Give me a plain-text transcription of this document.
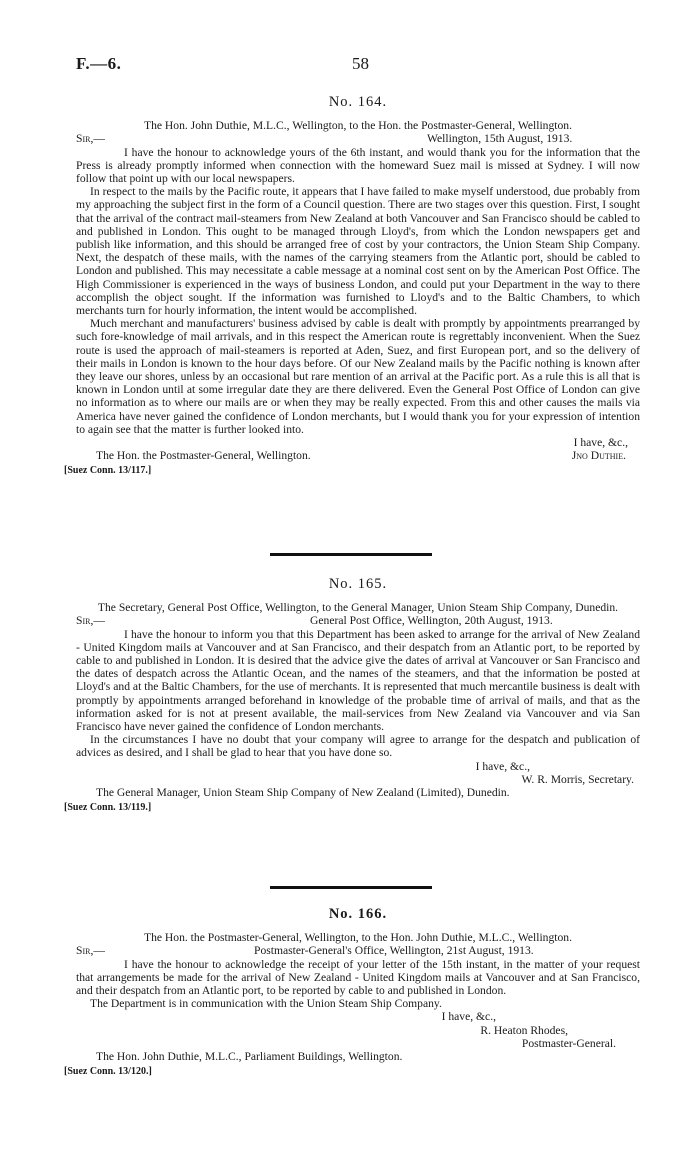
F.—6.	58
No. 164.
The Hon. John Duthie, M.L.C., Wellington, to the Hon. the Postmaster-General, Wellington.
Sir,—	Wellington, 15th August, 1913.

I have the honour to acknowledge yours of the 6th instant, and would thank you for the information that the Press is already promptly informed when connection with the homeward Suez mail is missed at Sydney. I will now follow that point up with our local newspapers.

In respect to the mails by the Pacific route, it appears that I have failed to make myself understood, due probably from my approaching the subject first in the form of a Council question. There are two stages over this question. First, I sought that the arrival of the contract mail-steamers from New Zealand at both Vancouver and San Francisco should be cabled to and published in London. This ought to be managed through Lloyd's, from which the London newspapers get and publish like information, and this should be arranged free of cost by your contractors, the Union Steam Ship Company. Next, the despatch of these mails, with the names of the carrying steamers from the Atlantic port, should be cabled to London and published. This may necessitate a cable message at a nominal cost sent on by the American Post Office. The High Commissioner is experienced in the ways of business London, and could put your Department in the way to there accomplish the object sought. If the information was furnished to Lloyd's and to the Baltic Chambers, to which merchants turn for hourly information, the intent would be accomplished.

Much merchant and manufacturers' business advised by cable is dealt with promptly by appointments prearranged by such fore-knowledge of mail arrivals, and in this respect the American route is regrettably inconvenient. When the Suez route is used the approach of mail-steamers is reported at Aden, Suez, and first European port, and so the delivery of their mails in London is known to the hour days before. Of our New Zealand mails by the Pacific nothing is known after they leave our shores, unless by an occasional but rare mention of an arrival at the Pacific port. As a rule this is all that is known in London until at some irregular date they are there delivered. Even the General Post Office of London can give no information as to where our mails are or when they may be really expected. From this and other causes the mails via America have never gained the confidence of London merchants, but I would thank you for your expression of intention to again see that the matter is further looked into.

I have, &c.,
The Hon. the Postmaster-General, Wellington.	Jno Duthie.
[Suez Conn. 13/117.]
No. 165.
The Secretary, General Post Office, Wellington, to the General Manager, Union Steam Ship Company, Dunedin.
Sir,—	General Post Office, Wellington, 20th August, 1913.

I have the honour to inform you that this Department has been asked to arrange for the arrival of New Zealand - United Kingdom mails at Vancouver and at San Francisco, and their despatch from an Atlantic port, to be reported by cable to and published in London. It is desired that the advice give the dates of arrival at Vancouver or San Francisco and the dates of despatch across the Atlantic Ocean, and the names of the steamers, and that the information be posted at Lloyd's and at the Baltic Chambers, for the use of merchants. It is represented that much mercantile business is dealt with promptly by appointments arranged beforehand in knowledge of the probable time of arrival of mails, and that as the information asked for is not at present available, the mail-services from New Zealand via Vancouver and via San Francisco have never gained the confidence of London merchants.

In the circumstances I have no doubt that your company will agree to arrange for the despatch and publication of advices as desired, and I shall be glad to hear that you have done so.

I have, &c.,
W. R. Morris, Secretary.
The General Manager, Union Steam Ship Company of New Zealand (Limited), Dunedin.
[Suez Conn. 13/119.]
No. 166.
The Hon. the Postmaster-General, Wellington, to the Hon. John Duthie, M.L.C., Wellington.
Sir,—	Postmaster-General's Office, Wellington, 21st August, 1913.

I have the honour to acknowledge the receipt of your letter of the 15th instant, in the matter of your request that arrangements be made for the arrival of New Zealand - United Kingdom mails at Vancouver and at San Francisco, and their despatch from an Atlantic port, to be reported by cable to and published in London.

The Department is in communication with the Union Steam Ship Company.

I have, &c.,
R. Heaton Rhodes,
Postmaster-General.
The Hon. John Duthie, M.L.C., Parliament Buildings, Wellington.
[Suez Conn. 13/120.]
